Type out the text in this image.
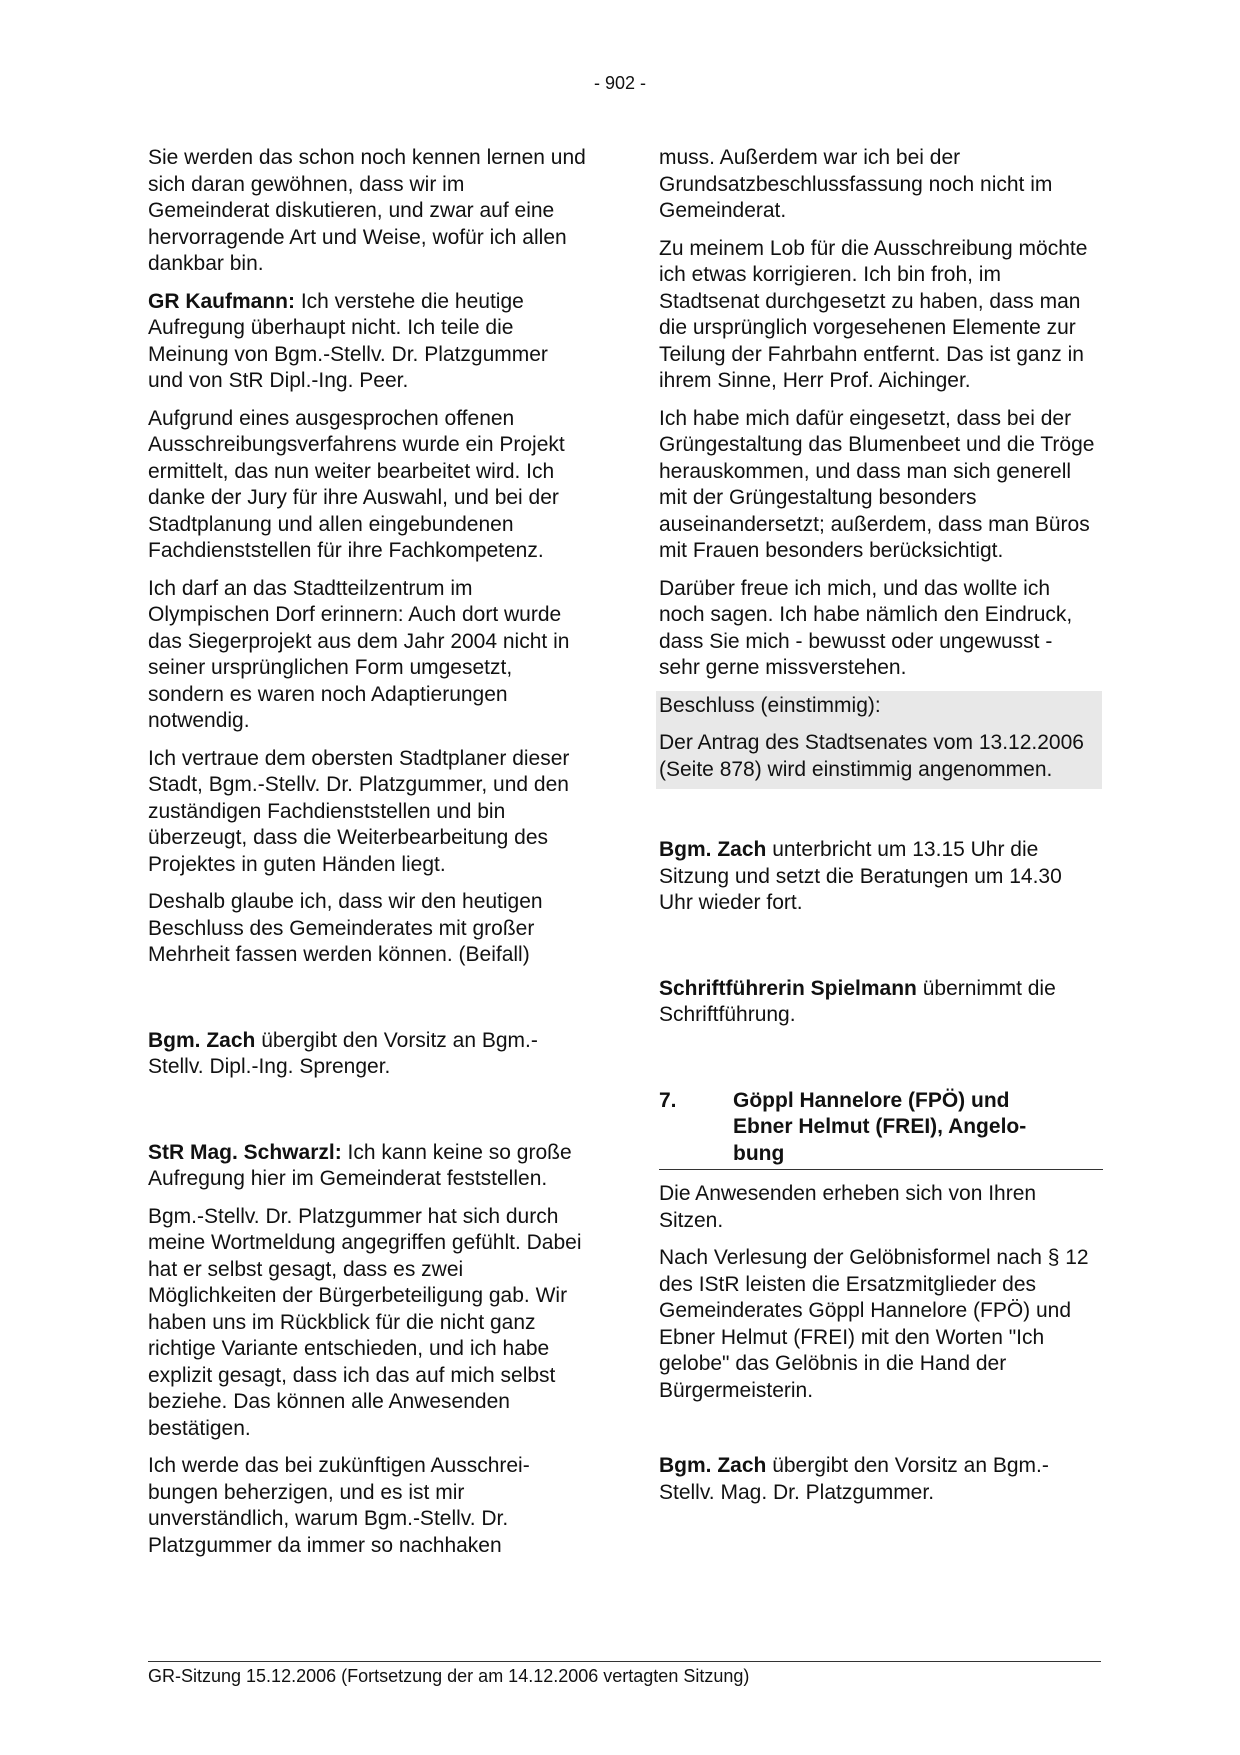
- 902 -

Sie werden das schon noch kennen lernen und sich daran gewöhnen, dass wir im Gemeinderat diskutieren, und zwar auf eine hervorragende Art und Weise, wofür ich allen dankbar bin.

GR Kaufmann: Ich verstehe die heutige Aufregung überhaupt nicht. Ich teile die Meinung von Bgm.-Stellv. Dr. Platzgummer und von StR Dipl.-Ing. Peer.

Aufgrund eines ausgesprochen offenen Ausschreibungsverfahrens wurde ein Projekt ermittelt, das nun weiter bearbeitet wird. Ich danke der Jury für ihre Auswahl, und bei der Stadtplanung und allen eingebundenen Fachdienststellen für ihre Fachkompetenz.

Ich darf an das Stadtteilzentrum im Olympischen Dorf erinnern: Auch dort wurde das Siegerprojekt aus dem Jahr 2004 nicht in seiner ursprünglichen Form umgesetzt, sondern es waren noch Adaptierungen notwendig.

Ich vertraue dem obersten Stadtplaner dieser Stadt, Bgm.-Stellv. Dr. Platzgummer, und den zuständigen Fachdienststellen und bin überzeugt, dass die Weiterbearbeitung des Projektes in guten Händen liegt.

Deshalb glaube ich, dass wir den heutigen Beschluss des Gemeinderates mit großer Mehrheit fassen werden können. (Beifall)

Bgm. Zach übergibt den Vorsitz an Bgm.-Stellv. Dipl.-Ing. Sprenger.

StR Mag. Schwarzl: Ich kann keine so große Aufregung hier im Gemeinderat feststellen.

Bgm.-Stellv. Dr. Platzgummer hat sich durch meine Wortmeldung angegriffen gefühlt. Dabei hat er selbst gesagt, dass es zwei Möglichkeiten der Bürgerbeteiligung gab. Wir haben uns im Rückblick für die nicht ganz richtige Variante entschieden, und ich habe explizit gesagt, dass ich das auf mich selbst beziehe. Das können alle Anwesenden bestätigen.

Ich werde das bei zukünftigen Ausschreibungen beherzigen, und es ist mir unverständlich, warum Bgm.-Stellv. Dr. Platzgummer da immer so nachhaken

muss. Außerdem war ich bei der Grundsatzbeschlussfassung noch nicht im Gemeinderat.

Zu meinem Lob für die Ausschreibung möchte ich etwas korrigieren. Ich bin froh, im Stadtsenat durchgesetzt zu haben, dass man die ursprünglich vorgesehenen Elemente zur Teilung der Fahrbahn entfernt. Das ist ganz in ihrem Sinne, Herr Prof. Aichinger.

Ich habe mich dafür eingesetzt, dass bei der Grüngestaltung das Blumenbeet und die Tröge herauskommen, und dass man sich generell mit der Grüngestaltung besonders auseinandersetzt; außerdem, dass man Büros mit Frauen besonders berücksichtigt.

Darüber freue ich mich, und das wollte ich noch sagen. Ich habe nämlich den Eindruck, dass Sie mich - bewusst oder ungewusst - sehr gerne missverstehen.

Beschluss (einstimmig):

Der Antrag des Stadtsenates vom 13.12.2006 (Seite 878) wird einstimmig angenommen.

Bgm. Zach unterbricht um 13.15 Uhr die Sitzung und setzt die Beratungen um 14.30 Uhr wieder fort.

Schriftführerin Spielmann übernimmt die Schriftführung.

7.	Göppl Hannelore (FPÖ) und Ebner Helmut (FREI), Angelobung

Die Anwesenden erheben sich von Ihren Sitzen.

Nach Verlesung der Gelöbnisformel nach § 12 des IStR leisten die Ersatzmitglieder des Gemeinderates Göppl Hannelore (FPÖ) und Ebner Helmut (FREI) mit den Worten "Ich gelobe" das Gelöbnis in die Hand der Bürgermeisterin.

Bgm. Zach übergibt den Vorsitz an Bgm.-Stellv. Mag. Dr. Platzgummer.

GR-Sitzung 15.12.2006 (Fortsetzung der am 14.12.2006 vertagten Sitzung)
